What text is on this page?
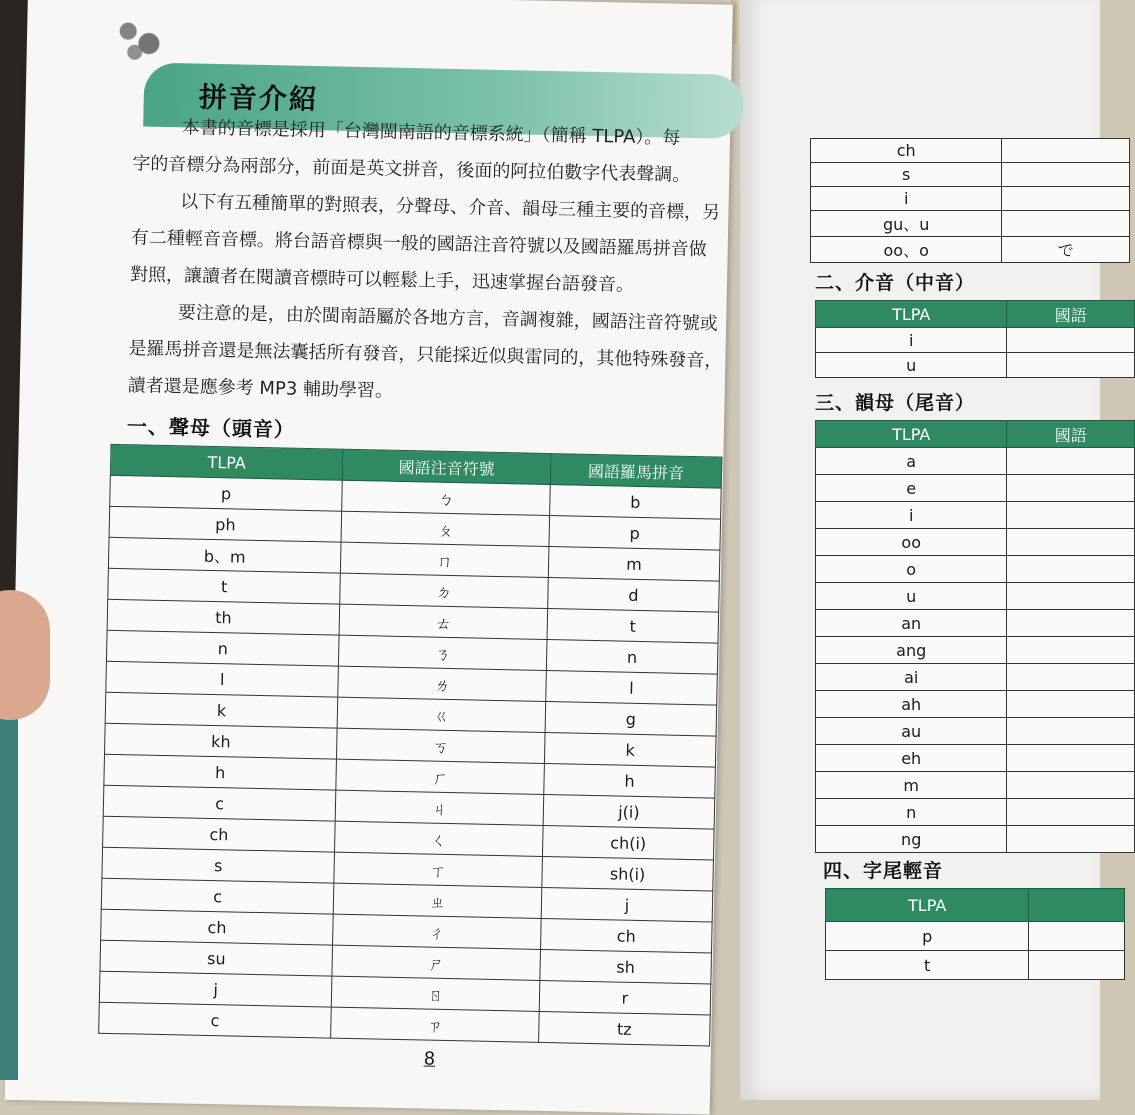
ch	
s	
i	
gu、u	
oo、o	で
二、介音（中音）
TLPA	國語
i	
u	
三、韻母（尾音）
TLPA	國語
a	
e	
i	
oo	
o	
u	
an	
ang	
ai	
ah	
au	
eh	
m	
n	
ng	
四、字尾輕音
TLPA	
p	
t	
拼音介紹

本書的音標是採用「台灣閩南語的音標系統」（簡稱 TLPA）。每

字的音標分為兩部分，前面是英文拼音，後面的阿拉伯數字代表聲調。

以下有五種簡單的對照表，分聲母、介音、韻母三種主要的音標，另

有二種輕音音標。將台語音標與一般的國語注音符號以及國語羅馬拼音做

對照，讓讀者在閱讀音標時可以輕鬆上手，迅速掌握台語發音。

要注意的是，由於閩南語屬於各地方言，音調複雜，國語注音符號或

是羅馬拼音還是無法囊括所有發音，只能採近似與雷同的，其他特殊發音，

讀者還是應參考 MP3 輔助學習。

一、聲母（頭音）
TLPA	國語注音符號	國語羅馬拼音
p	ㄅ	b
ph	ㄆ	p
b、m	ㄇ	m
t	ㄉ	d
th	ㄊ	t
n	ㄋ	n
l	ㄌ	l
k	ㄍ	g
kh	ㄎ	k
h	ㄏ	h
c	ㄐ	j(i)
ch	ㄑ	ch(i)
s	ㄒ	sh(i)
c	ㄓ	j
ch	ㄔ	ch
su	ㄕ	sh
j	ㄖ	r
c	ㄗ	tz
8
